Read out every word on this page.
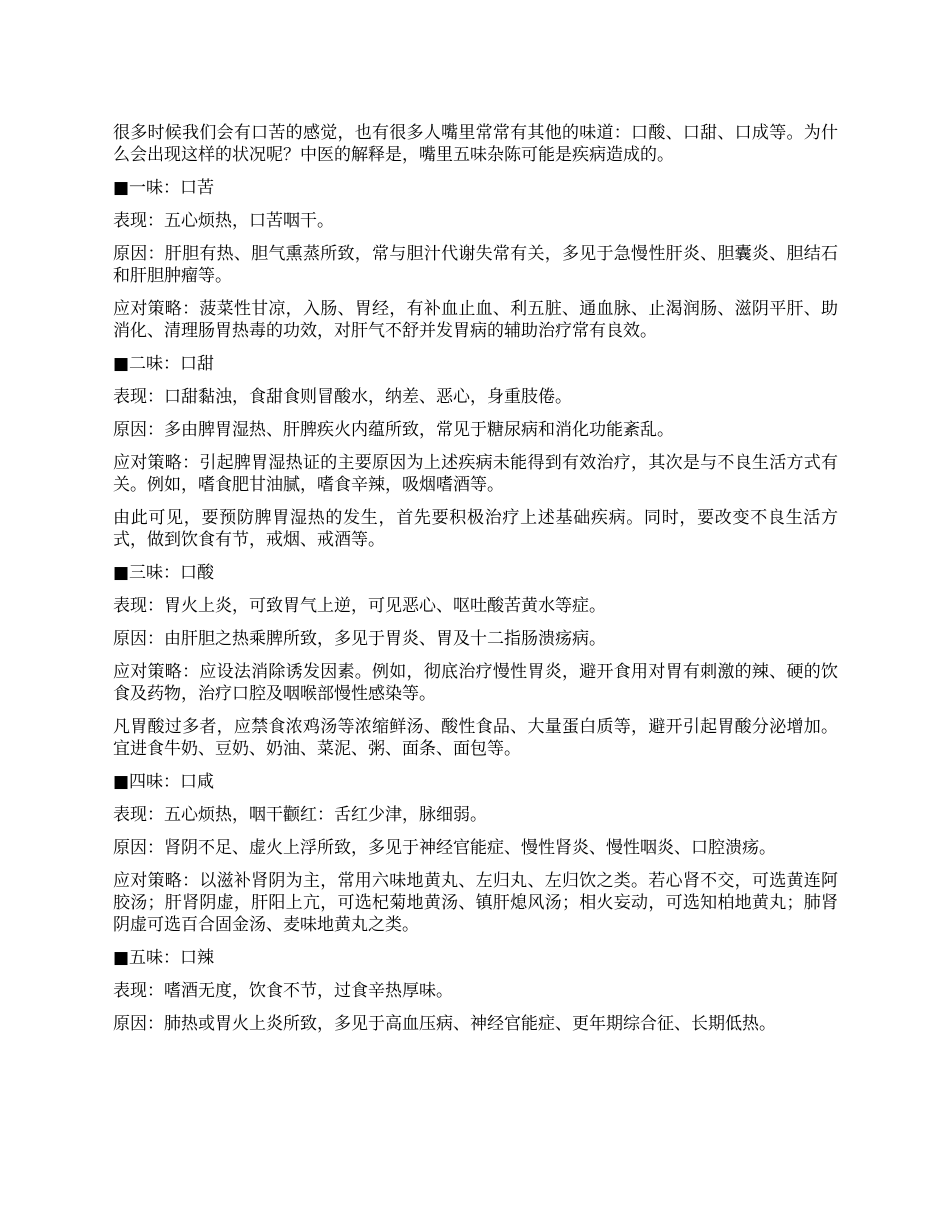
很多时候我们会有口苦的感觉，也有很多人嘴里常常有其他的味道：口酸、口甜、口成等。为什么会出现这样的状况呢？中医的解释是，嘴里五味杂陈可能是疾病造成的。

■一味：口苦

表现：五心烦热，口苦咽干。

原因：肝胆有热、胆气熏蒸所致，常与胆汁代谢失常有关，多见于急慢性肝炎、胆囊炎、胆结石和肝胆肿瘤等。

应对策略：菠菜性甘凉，入肠、胃经，有补血止血、利五脏、通血脉、止渴润肠、滋阴平肝、助消化、清理肠胃热毒的功效，对肝气不舒并发胃病的辅助治疗常有良效。

■二味：口甜

表现：口甜黏浊，食甜食则冒酸水，纳差、恶心，身重肢倦。

原因：多由脾胃湿热、肝脾疾火内蕴所致，常见于糖尿病和消化功能紊乱。

应对策略：引起脾胃湿热证的主要原因为上述疾病未能得到有效治疗，其次是与不良生活方式有关。例如，嗜食肥甘油腻，嗜食辛辣，吸烟嗜酒等。

由此可见，要预防脾胃湿热的发生，首先要积极治疗上述基础疾病。同时，要改变不良生活方式，做到饮食有节，戒烟、戒酒等。

■三味：口酸

表现：胃火上炎，可致胃气上逆，可见恶心、呕吐酸苦黄水等症。

原因：由肝胆之热乘脾所致，多见于胃炎、胃及十二指肠溃疡病。

应对策略：应设法消除诱发因素。例如，彻底治疗慢性胃炎，避开食用对胃有刺激的辣、硬的饮食及药物，治疗口腔及咽喉部慢性感染等。

凡胃酸过多者，应禁食浓鸡汤等浓缩鲜汤、酸性食品、大量蛋白质等，避开引起胃酸分泌增加。宜进食牛奶、豆奶、奶油、菜泥、粥、面条、面包等。

■四味：口咸

表现：五心烦热，咽干颧红：舌红少津，脉细弱。

原因：肾阴不足、虚火上浮所致，多见于神经官能症、慢性肾炎、慢性咽炎、口腔溃疡。

应对策略：以滋补肾阴为主，常用六味地黄丸、左归丸、左归饮之类。若心肾不交，可选黄连阿胶汤；肝肾阴虚，肝阳上亢，可选杞菊地黄汤、镇肝熄风汤；相火妄动，可选知柏地黄丸；肺肾阴虚可选百合固金汤、麦味地黄丸之类。

■五味：口辣

表现：嗜酒无度，饮食不节，过食辛热厚味。

原因：肺热或胃火上炎所致，多见于高血压病、神经官能症、更年期综合征、长期低热。
